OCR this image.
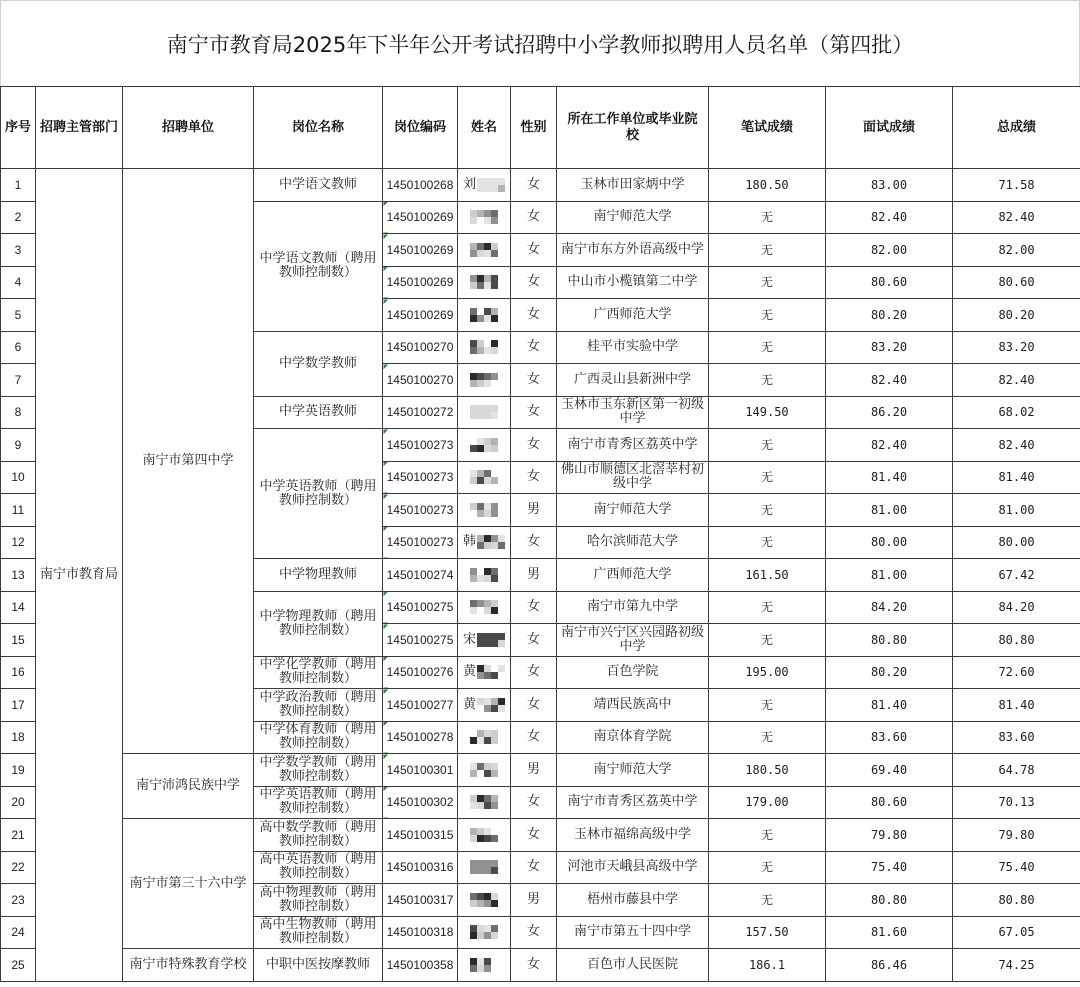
南宁市教育局2025年下半年公开考试招聘中小学教师拟聘用人员名单（第四批）
序号	招聘主管部门	招聘单位	岗位名称	岗位编码	姓名	性别	所在工作单位或毕业院校	笔试成绩	面试成绩	总成绩
1	南宁市教育局	南宁市第四中学	中学语文教师	1450100268	刘	女	玉林市田家炳中学	180.50	83.00	71.58
2			中学语文教师（聘用教师控制数）	1450100269		女	南宁师范大学	无	82.40	82.40
3				1450100269		女	南宁市东方外语高级中学	无	82.00	82.00
4				1450100269		女	中山市小榄镇第二中学	无	80.60	80.60
5				1450100269		女	广西师范大学	无	80.20	80.20
6			中学数学教师	1450100270		女	桂平市实验中学	无	83.20	83.20
7				1450100270		女	广西灵山县新洲中学	无	82.40	82.40
8			中学英语教师	1450100272		女	玉林市玉东新区第一初级中学	149.50	86.20	68.02
9			中学英语教师（聘用教师控制数）	1450100273		女	南宁市青秀区荔英中学	无	82.40	82.40
10				1450100273		女	佛山市顺德区北滘莘村初级中学	无	81.40	81.40
11				1450100273		男	南宁师范大学	无	81.00	81.00
12				1450100273	韩	女	哈尔滨师范大学	无	80.00	80.00
13			中学物理教师	1450100274		男	广西师范大学	161.50	81.00	67.42
14			中学物理教师（聘用教师控制数）	1450100275		女	南宁市第九中学	无	84.20	84.20
15				1450100275	宋	女	南宁市兴宁区兴园路初级中学	无	80.80	80.80
16			中学化学教师（聘用教师控制数）	1450100276	黄	女	百色学院	195.00	80.20	72.60
17			中学政治教师（聘用教师控制数）	1450100277	黄	女	靖西民族高中	无	81.40	81.40
18			中学体育教师（聘用教师控制数）	1450100278		女	南京体育学院	无	83.60	83.60
19		南宁沛鸿民族中学	中学数学教师（聘用教师控制数）	1450100301		男	南宁师范大学	180.50	69.40	64.78
20			中学英语教师（聘用教师控制数）	1450100302		女	南宁市青秀区荔英中学	179.00	80.60	70.13
21		南宁市第三十六中学	高中数学教师（聘用教师控制数）	1450100315		女	玉林市福绵高级中学	无	79.80	79.80
22			高中英语教师（聘用教师控制数）	1450100316		女	河池市天峨县高级中学	无	75.40	75.40
23			高中物理教师（聘用教师控制数）	1450100317		男	梧州市藤县中学	无	80.80	80.80
24			高中生物教师（聘用教师控制数）	1450100318		女	南宁市第五十四中学	157.50	81.60	67.05
25		南宁市特殊教育学校	中职中医按摩教师	1450100358		女	百色市人民医院	186.1	86.46	74.25
